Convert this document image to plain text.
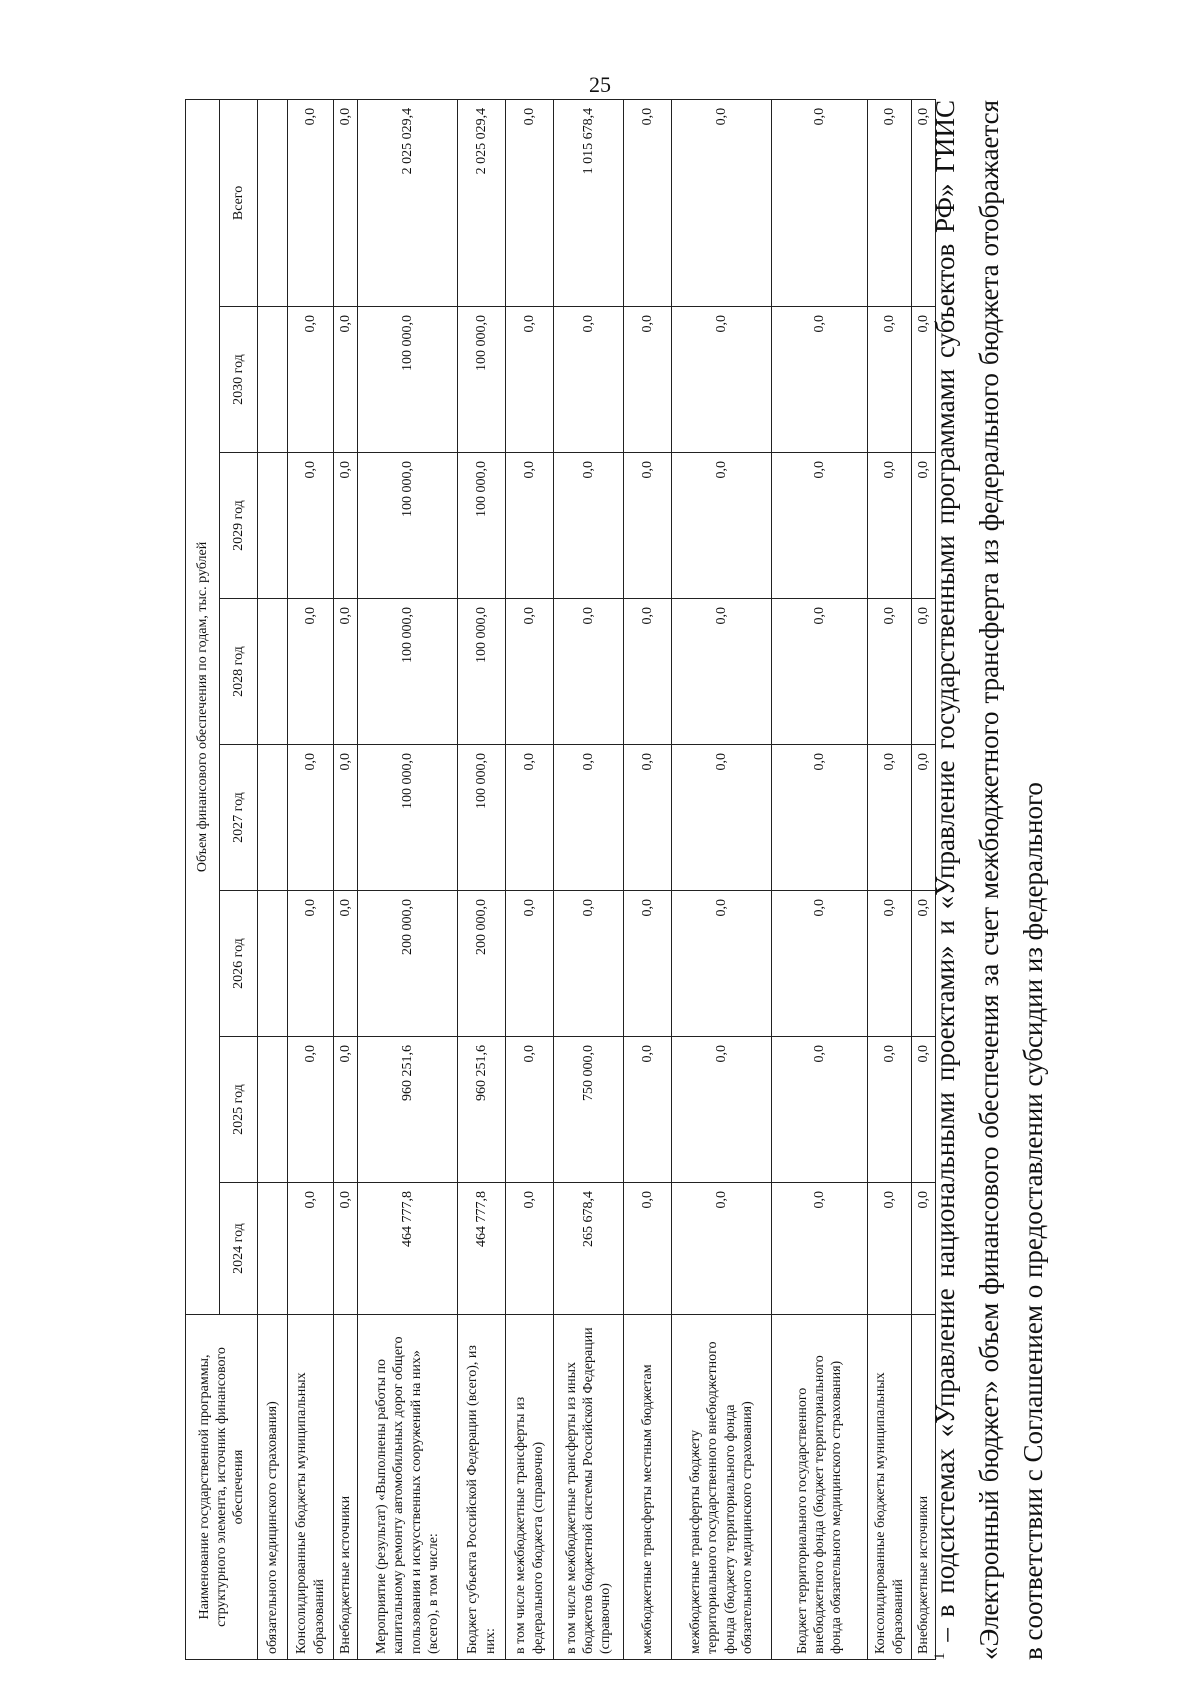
25
Наименование государственной программы, структурного элемента, источник финансового обеспечения	Объем финансового обеспечения по годам, тыс. рублей							
	2024 год	2025 год	2026 год	2027 год	2028 год	2029 год	2030 год	Всего
обязательного медицинского страхования)								
Консолидированные бюджеты муниципальных образований	0,0	0,0	0,0	0,0	0,0	0,0	0,0	0,0
Внебюджетные источники	0,0	0,0	0,0	0,0	0,0	0,0	0,0	0,0
Мероприятие (результат) «Выполнены работы по капитальному ремонту автомобильных дорог общего пользования и искусственных сооружений на них» (всего), в том числе:	464 777,8	960 251,6	200 000,0	100 000,0	100 000,0	100 000,0	100 000,0	2 025 029,4
Бюджет субъекта Российской Федерации (всего), из них:	464 777,8	960 251,6	200 000,0	100 000,0	100 000,0	100 000,0	100 000,0	2 025 029,4
в том числе межбюджетные трансферты из федерального бюджета (справочно)	0,0	0,0	0,0	0,0	0,0	0,0	0,0	0,0
в том числе межбюджетные трансферты из иных бюджетов бюджетной системы Российской Федерации (справочно)	265 678,4	750 000,0	0,0	0,0	0,0	0,0	0,0	1 015 678,4
межбюджетные трансферты местным бюджетам	0,0	0,0	0,0	0,0	0,0	0,0	0,0	0,0
межбюджетные трансферты бюджету территориального государственного внебюджетного фонда (бюджету территориального фонда обязательного медицинского страхования)	0,0	0,0	0,0	0,0	0,0	0,0	0,0	0,0
Бюджет территориального государственного внебюджетного фонда (бюджет территориального фонда обязательного медицинского страхования)	0,0	0,0	0,0	0,0	0,0	0,0	0,0	0,0
Консолидированные бюджеты муниципальных образований	0,0	0,0	0,0	0,0	0,0	0,0	0,0	0,0
Внебюджетные источники	0,0	0,0	0,0	0,0	0,0	0,0	0,0	0,0
$^1$ – в подсистемах «Управление национальными проектами» и «Управление государственными программами субъектов РФ» ГИИС «Электронный бюджет» объем финансового обеспечения за счет межбюджетного трансферта из федерального бюджета отображается в соответствии с Соглашением о предоставлении субсидии из федерального
